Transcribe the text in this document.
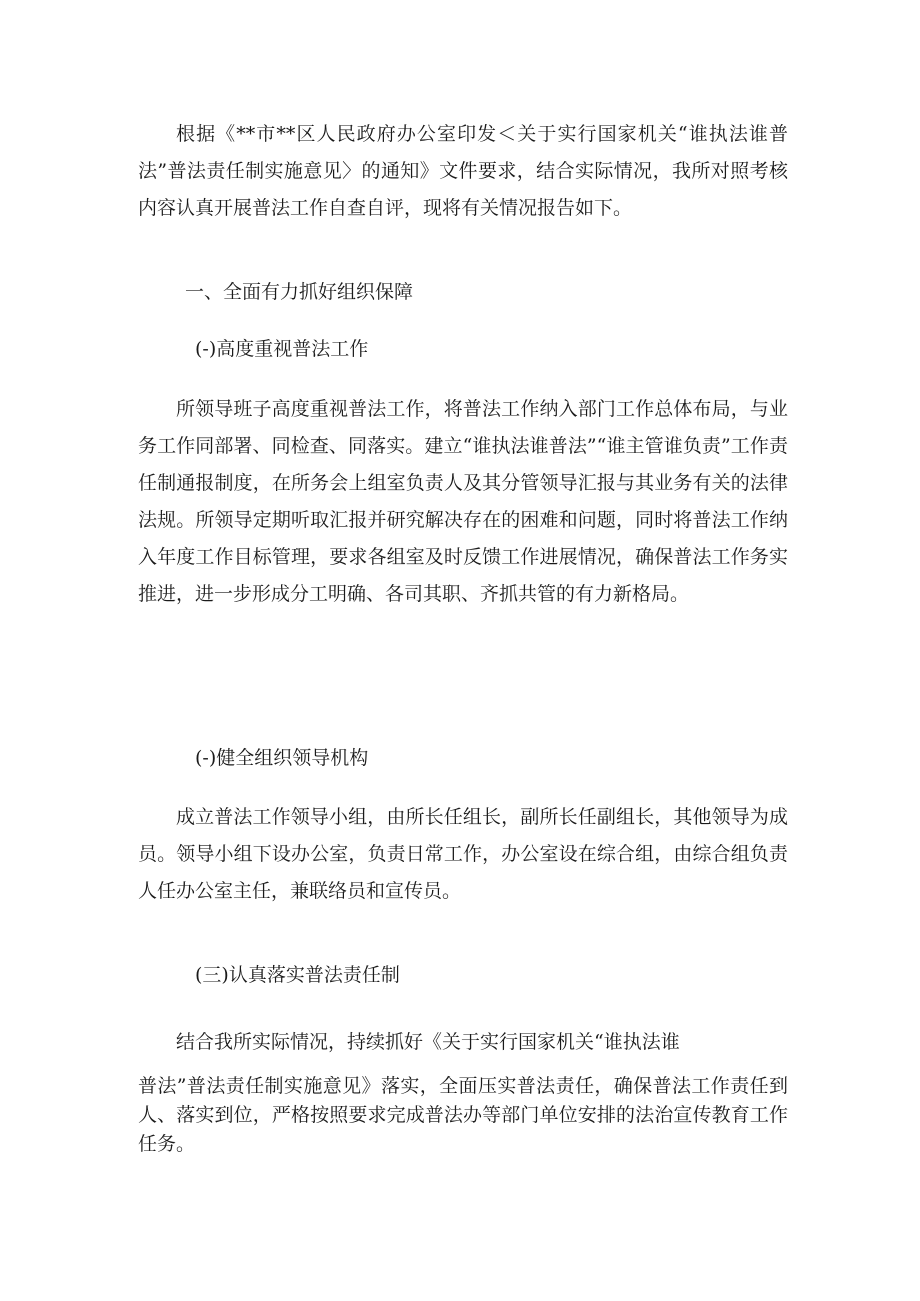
根据《**市**区人民政府办公室印发＜关于实行国家机关“谁执法谁普法”普法责任制实施意见〉的通知》文件要求，结合实际情况，我所对照考核内容认真开展普法工作自查自评，现将有关情况报告如下。

一、全面有力抓好组织保障

(-)高度重视普法工作

所领导班子高度重视普法工作，将普法工作纳入部门工作总体布局，与业务工作同部署、同检查、同落实。建立“谁执法谁普法”“谁主管谁负责”工作责任制通报制度，在所务会上组室负责人及其分管领导汇报与其业务有关的法律法规。所领导定期听取汇报并研究解决存在的困难和问题，同时将普法工作纳入年度工作目标管理，要求各组室及时反馈工作进展情况，确保普法工作务实推进，进一步形成分工明确、各司其职、齐抓共管的有力新格局。

(-)健全组织领导机构

成立普法工作领导小组，由所长任组长，副所长任副组长，其他领导为成员。领导小组下设办公室，负责日常工作，办公室设在综合组，由综合组负责人任办公室主任，兼联络员和宣传员。

(三)认真落实普法责任制

结合我所实际情况，持续抓好《关于实行国家机关“谁执法谁

普法”普法责任制实施意见》落实，全面压实普法责任，确保普法工作责任到人、落实到位，严格按照要求完成普法办等部门单位安排的法治宣传教育工作任务。
